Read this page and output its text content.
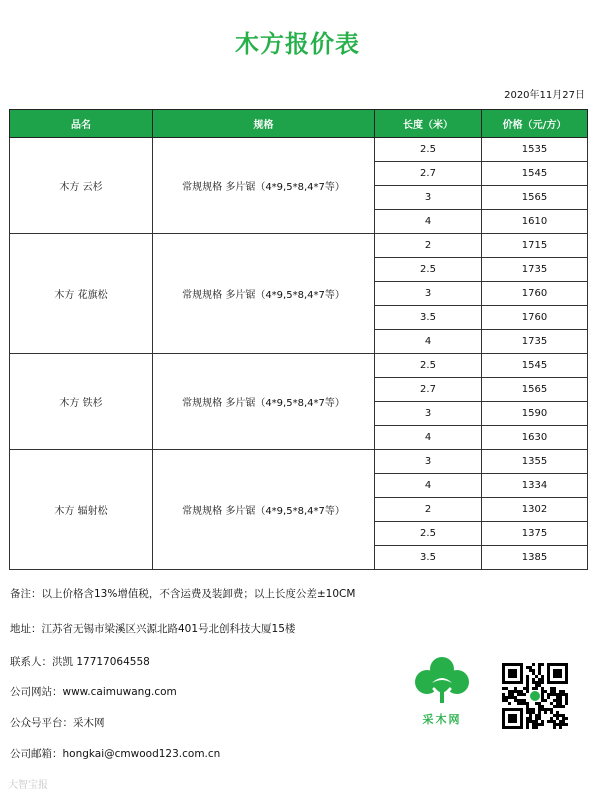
木方报价表
2020年11月27日
品名	规格	长度（米）	价格（元/方）
木方 云杉	常规规格 多片锯（4*9,5*8,4*7等）	2.5	1535
		2.7	1545
		3	1565
		4	1610
木方 花旗松	常规规格 多片锯（4*9,5*8,4*7等）	2	1715
		2.5	1735
		3	1760
		3.5	1760
		4	1735
木方 铁杉	常规规格 多片锯（4*9,5*8,4*7等）	2.5	1545
		2.7	1565
		3	1590
		4	1630
木方 辐射松	常规规格 多片锯（4*9,5*8,4*7等）	3	1355
		4	1334
		2	1302
		2.5	1375
		3.5	1385
备注：以上价格含13%增值税，不含运费及装卸费；以上长度公差±10CM
地址：江苏省无锡市梁溪区兴源北路401号北创科技大厦15楼
联系人：洪凯 17717064558
公司网站：www.caimuwang.com
公众号平台：采木网
公司邮箱：hongkai@cmwood123.com.cn
采木网
大智宝报
